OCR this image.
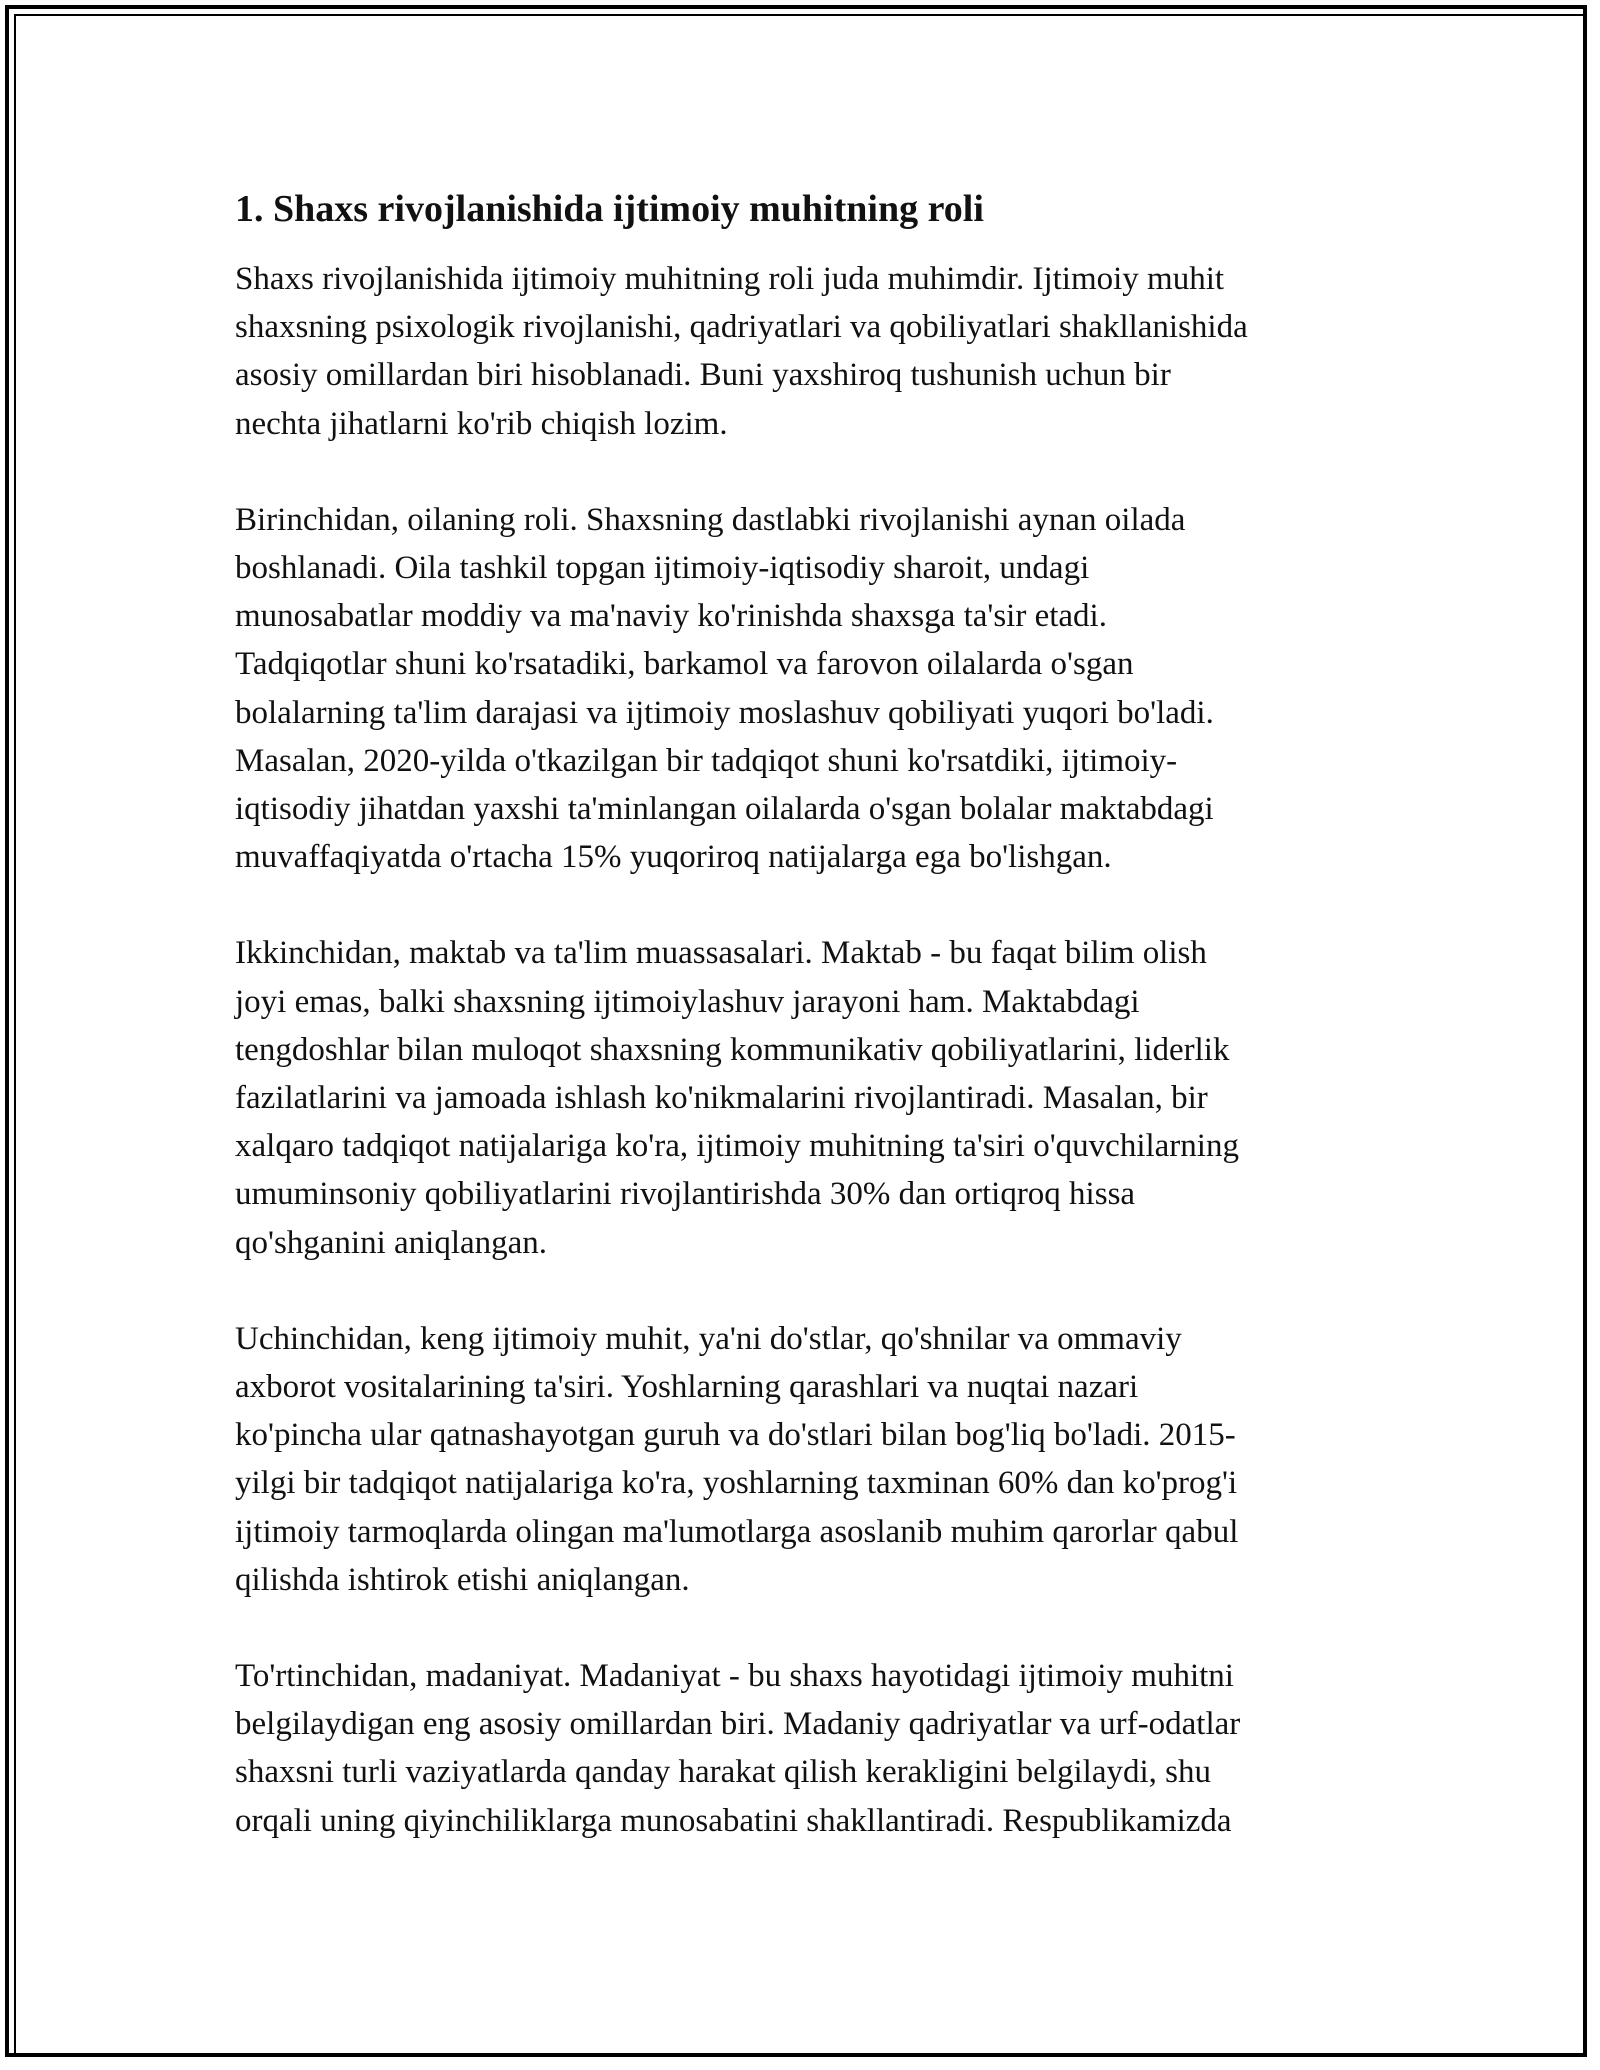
1. Shaxs rivojlanishida ijtimoiy muhitning roli

Shaxs rivojlanishida ijtimoiy muhitning roli juda muhimdir. Ijtimoiy muhit
shaxsning psixologik rivojlanishi, qadriyatlari va qobiliyatlari shakllanishida
asosiy omillardan biri hisoblanadi. Buni yaxshiroq tushunish uchun bir
nechta jihatlarni ko'rib chiqish lozim.

Birinchidan, oilaning roli. Shaxsning dastlabki rivojlanishi aynan oilada
boshlanadi. Oila tashkil topgan ijtimoiy-iqtisodiy sharoit, undagi
munosabatlar moddiy va ma'naviy ko'rinishda shaxsga ta'sir etadi.
Tadqiqotlar shuni ko'rsatadiki, barkamol va farovon oilalarda o'sgan
bolalarning ta'lim darajasi va ijtimoiy moslashuv qobiliyati yuqori bo'ladi.
Masalan, 2020-yilda o'tkazilgan bir tadqiqot shuni ko'rsatdiki, ijtimoiy-
iqtisodiy jihatdan yaxshi ta'minlangan oilalarda o'sgan bolalar maktabdagi
muvaffaqiyatda o'rtacha 15% yuqoriroq natijalarga ega bo'lishgan.

Ikkinchidan, maktab va ta'lim muassasalari. Maktab - bu faqat bilim olish
joyi emas, balki shaxsning ijtimoiylashuv jarayoni ham. Maktabdagi
tengdoshlar bilan muloqot shaxsning kommunikativ qobiliyatlarini, liderlik
fazilatlarini va jamoada ishlash ko'nikmalarini rivojlantiradi. Masalan, bir
xalqaro tadqiqot natijalariga ko'ra, ijtimoiy muhitning ta'siri o'quvchilarning
umuminsoniy qobiliyatlarini rivojlantirishda 30% dan ortiqroq hissa
qo'shganini aniqlangan.

Uchinchidan, keng ijtimoiy muhit, ya'ni do'stlar, qo'shnilar va ommaviy
axborot vositalarining ta'siri. Yoshlarning qarashlari va nuqtai nazari
ko'pincha ular qatnashayotgan guruh va do'stlari bilan bog'liq bo'ladi. 2015-
yilgi bir tadqiqot natijalariga ko'ra, yoshlarning taxminan 60% dan ko'prog'i
ijtimoiy tarmoqlarda olingan ma'lumotlarga asoslanib muhim qarorlar qabul
qilishda ishtirok etishi aniqlangan.

To'rtinchidan, madaniyat. Madaniyat - bu shaxs hayotidagi ijtimoiy muhitni
belgilaydigan eng asosiy omillardan biri. Madaniy qadriyatlar va urf-odatlar
shaxsni turli vaziyatlarda qanday harakat qilish kerakligini belgilaydi, shu
orqali uning qiyinchiliklarga munosabatini shakllantiradi. Respublikamizda
